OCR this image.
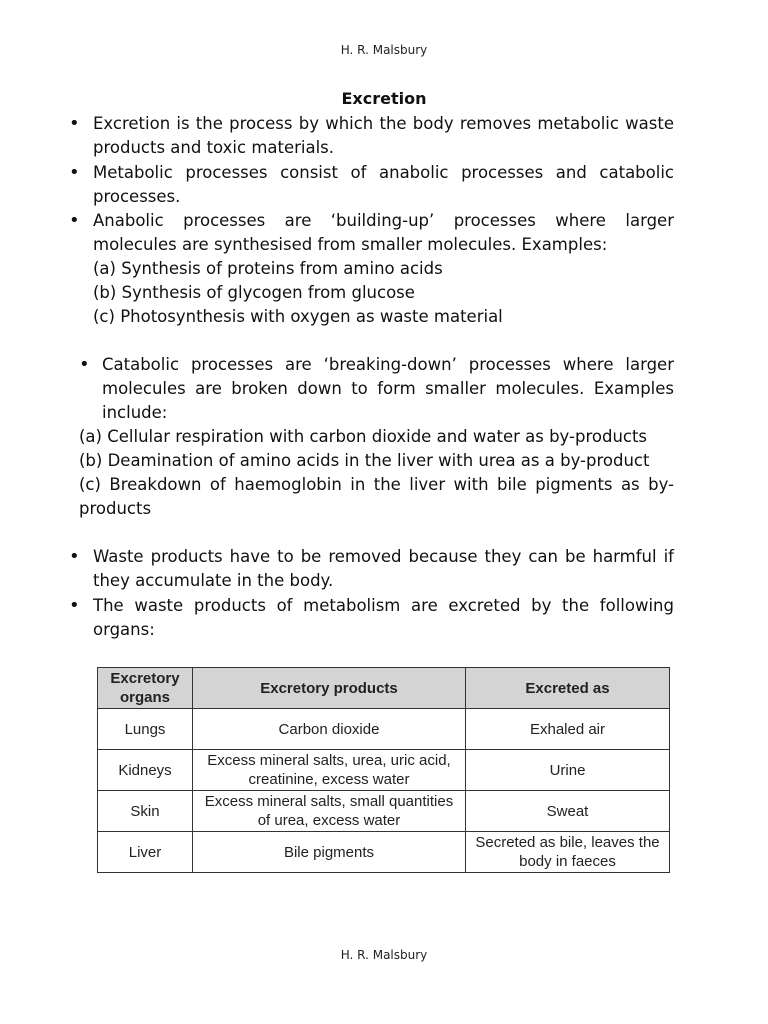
H. R. Malsbury
Excretion
•
Excretion is the process by which the body removes metabolic waste products and toxic materials.
•
Metabolic processes consist of anabolic processes and catabolic processes.
•
Anabolic processes are ‘building-up’ processes where larger molecules are synthesised from smaller molecules. Examples:
(a) Synthesis of proteins from amino acids
(b) Synthesis of glycogen from glucose
(c) Photosynthesis with oxygen as waste material
•
Catabolic processes are ‘breaking-down’ processes where larger molecules are broken down to form smaller molecules. Examples include:
(a) Cellular respiration with carbon dioxide and water as by-products
(b) Deamination of amino acids in the liver with urea as a by-product
(c) Breakdown of haemoglobin in the liver with bile pigments as by-products
•
Waste products have to be removed because they can be harmful if they accumulate in the body.
•
The waste products of metabolism are excreted by the following organs:
Excretory organs	Excretory products	Excreted as
Lungs	Carbon dioxide	Exhaled air
Kidneys	Excess mineral salts, urea, uric acid, creatinine, excess water	Urine
Skin	Excess mineral salts, small quantities of urea, excess water	Sweat
Liver	Bile pigments	Secreted as bile, leaves the body in faeces
H. R. Malsbury
